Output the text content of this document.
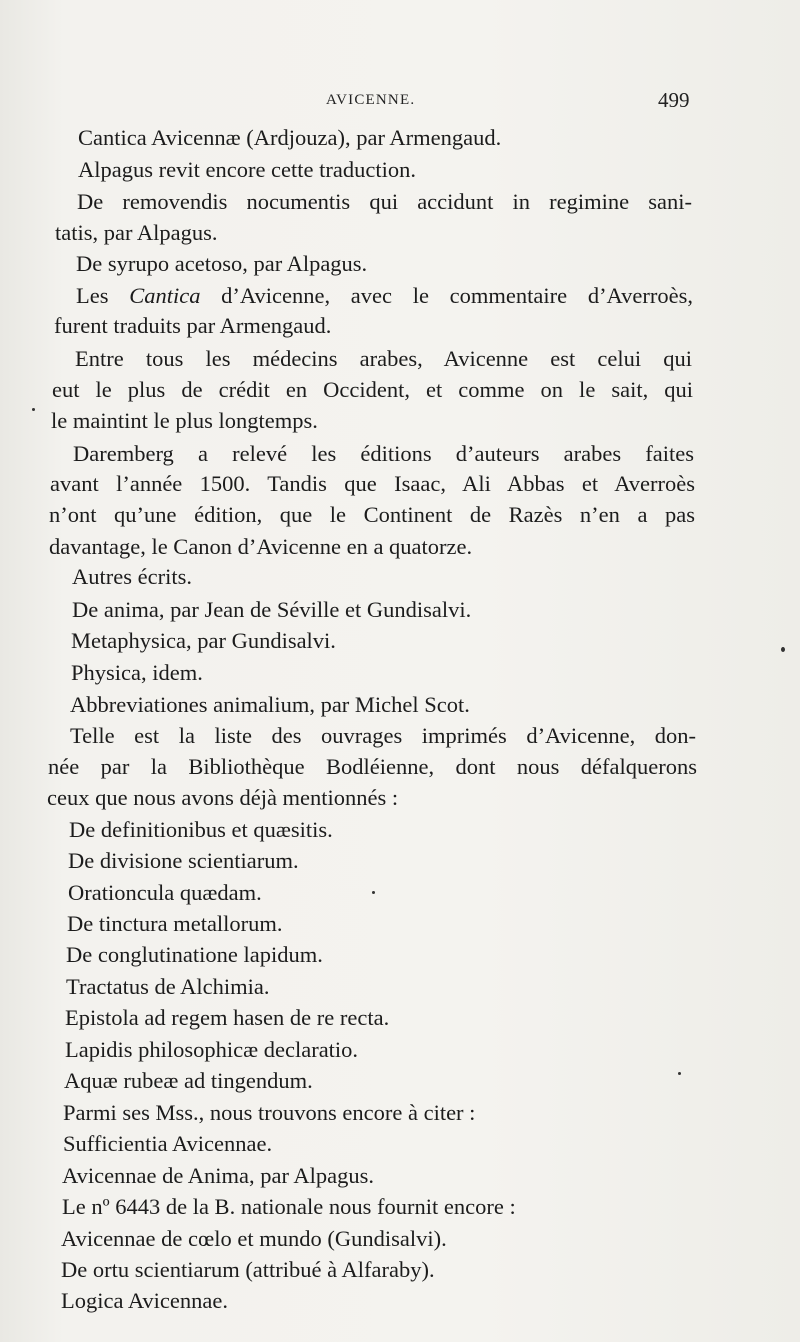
AVICENNE.	499
Cantica Avicennæ (Ardjouza), par Armengaud.
Alpagus revit encore cette traduction.
De removendis nocumentis qui accidunt in regimine sani-
tatis, par Alpagus.
De syrupo acetoso, par Alpagus.
Les Cantica d’Avicenne, avec le commentaire d’Averroès,
furent traduits par Armengaud.
Entre tous les médecins arabes, Avicenne est celui qui
eut le plus de crédit en Occident, et comme on le sait, qui
le maintint le plus longtemps.
Daremberg a relevé les éditions d’auteurs arabes faites
avant l’année 1500. Tandis que Isaac, Ali Abbas et Averroès
n’ont qu’une édition, que le Continent de Razès n’en a pas
davantage, le Canon d’Avicenne en a quatorze.
Autres écrits.
De anima, par Jean de Séville et Gundisalvi.
Metaphysica, par Gundisalvi.
Physica, idem.
Abbreviationes animalium, par Michel Scot.
Telle est la liste des ouvrages imprimés d’Avicenne, don-
née par la Bibliothèque Bodléienne, dont nous défalquerons
ceux que nous avons déjà mentionnés :
De definitionibus et quæsitis.
De divisione scientiarum.
Orationcula quædam.
De tinctura metallorum.
De conglutinatione lapidum.
Tractatus de Alchimia.
Epistola ad regem hasen de re recta.
Lapidis philosophicæ declaratio.
Aquæ rubeæ ad tingendum.
Parmi ses Mss., nous trouvons encore à citer :
Sufficientia Avicennae.
Avicennae de Anima, par Alpagus.
Le nº 6443 de la B. nationale nous fournit encore :
Avicennae de cœlo et mundo (Gundisalvi).
De ortu scientiarum (attribué à Alfaraby).
Logica Avicennae.
